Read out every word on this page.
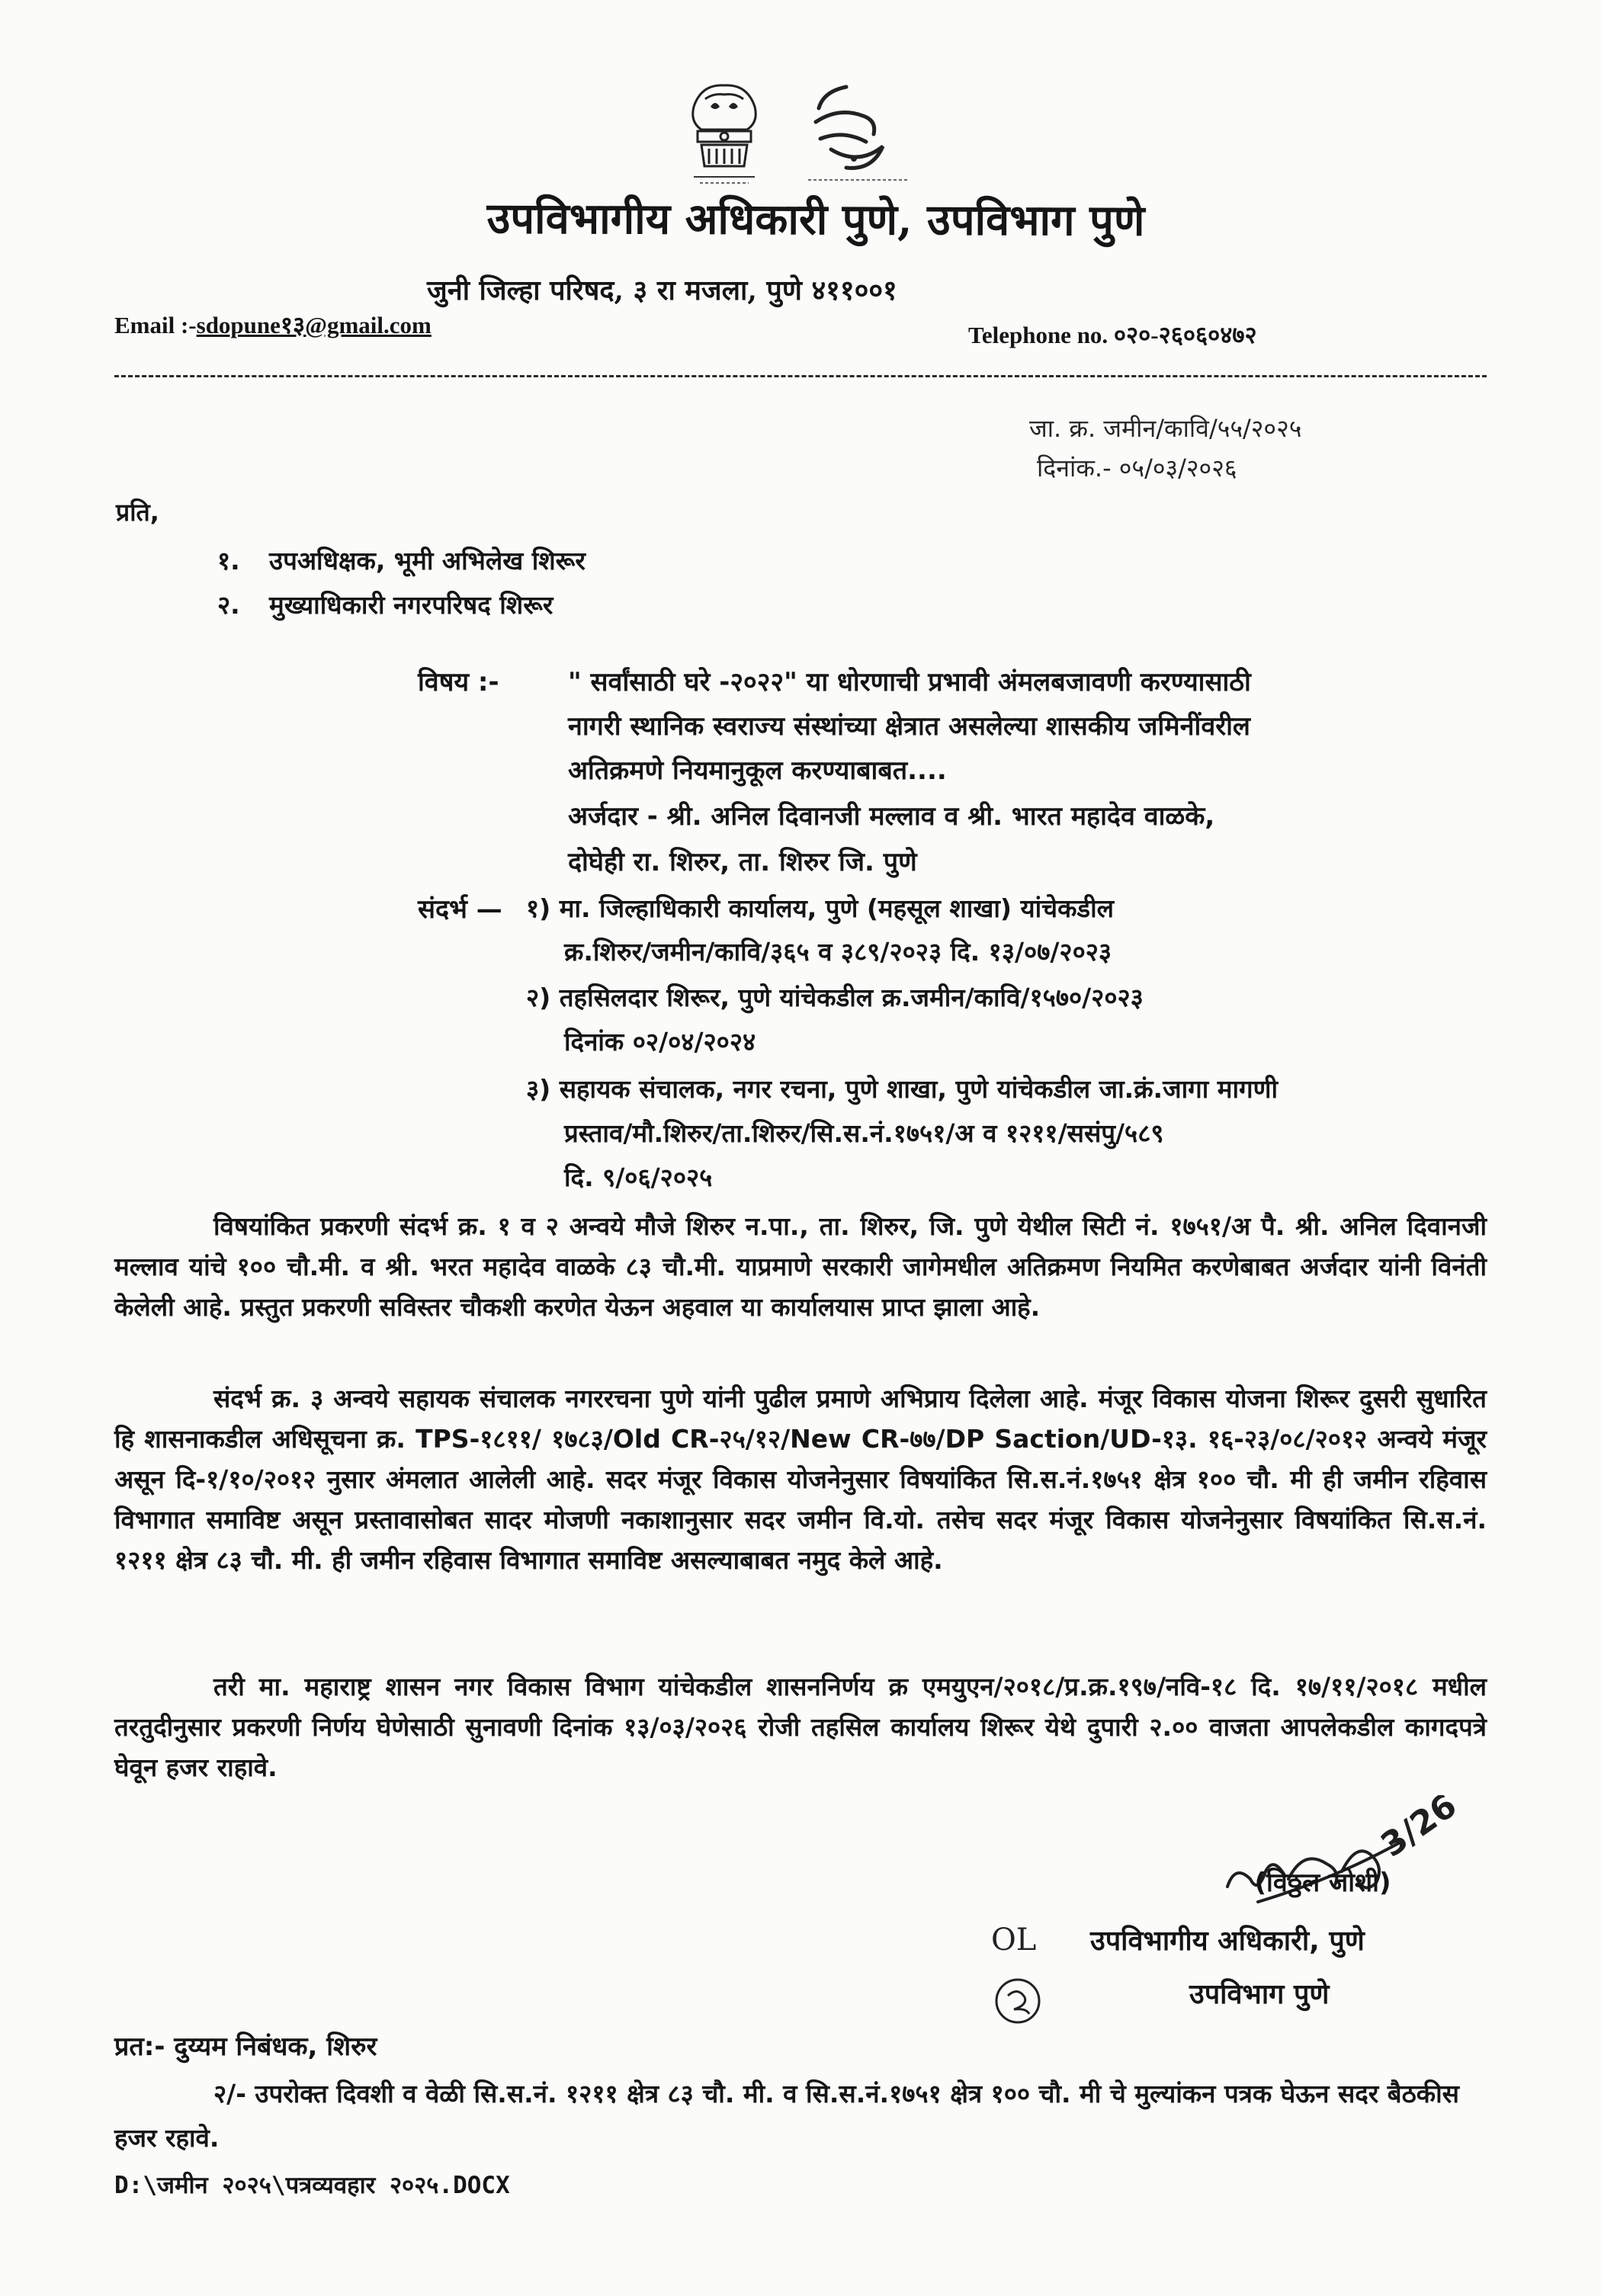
उपविभागीय अधिकारी पुणे, उपविभाग पुणे
जुनी जिल्हा परिषद, ३ रा मजला, पुणे ४११००१
Email :-sdopune१३@gmail.com	Telephone no. ०२०-२६०६०४७२
जा. क्र. जमीन/कावि/५५/२०२५
दिनांक.- ०५/०३/२०२६
प्रति,
१. उपअधिक्षक, भूमी अभिलेख शिरूर
२. मुख्याधिकारी नगरपरिषद शिरूर
विषय :-	" सर्वांसाठी घरे -२०२२" या धोरणाची प्रभावी अंमलबजावणी करण्यासाठी
नागरी स्थानिक स्वराज्य संस्थांच्या क्षेत्रात असलेल्या शासकीय जमिनींवरील
अतिक्रमणे नियमानुकूल करण्याबाबत....
अर्जदार - श्री. अनिल दिवानजी मल्लाव व श्री. भारत महादेव वाळके,
दोघेही रा. शिरुर, ता. शिरुर जि. पुणे
संदर्भ — १) मा. जिल्हाधिकारी कार्यालय, पुणे (महसूल शाखा) यांचेकडील
क्र.शिरुर/जमीन/कावि/३६५ व ३८९/२०२३ दि. १३/०७/२०२३
२) तहसिलदार शिरूर, पुणे यांचेकडील क्र.जमीन/कावि/१५७०/२०२३
दिनांक ०२/०४/२०२४
३) सहायक संचालक, नगर रचना, पुणे शाखा, पुणे यांचेकडील जा.क्रं.जागा मागणी
प्रस्ताव/मौ.शिरुर/ता.शिरुर/सि.स.नं.१७५१/अ व १२११/ससंपु/५८९
दि. ९/०६/२०२५
विषयांकित प्रकरणी संदर्भ क्र. १ व २ अन्वये मौजे शिरुर न.पा., ता. शिरुर, जि. पुणे येथील सिटी नं. १७५१/अ पै. श्री. अनिल दिवानजी मल्लाव यांचे १०० चौ.मी. व श्री. भरत महादेव वाळके ८३ चौ.मी. याप्रमाणे सरकारी जागेमधील अतिक्रमण नियमित करणेबाबत अर्जदार यांनी विनंती केलेली आहे. प्रस्तुत प्रकरणी सविस्तर चौकशी करणेत येऊन अहवाल या कार्यालयास प्राप्त झाला आहे.
संदर्भ क्र. ३ अन्वये सहायक संचालक नगररचना पुणे यांनी पुढील प्रमाणे अभिप्राय दिलेला आहे. मंजूर विकास योजना शिरूर दुसरी सुधारित हि शासनाकडील अधिसूचना क्र. TPS-१८११/ १७८३/Old CR-२५/१२/New CR-७७/DP Saction/UD-१३. १६-२३/०८/२०१२ अन्वये मंजूर असून दि-१/१०/२०१२ नुसार अंमलात आलेली आहे. सदर मंजूर विकास योजनेनुसार विषयांकित सि.स.नं.१७५१ क्षेत्र १०० चौ. मी ही जमीन रहिवास विभागात समाविष्ट असून प्रस्तावासोबत सादर मोजणी नकाशानुसार सदर जमीन वि.यो. तसेच सदर मंजूर विकास योजनेनुसार विषयांकित सि.स.नं. १२११ क्षेत्र ८३ चौ. मी. ही जमीन रहिवास विभागात समाविष्ट असल्याबाबत नमुद केले आहे.
तरी मा. महाराष्ट्र शासन नगर विकास विभाग यांचेकडील शासननिर्णय क्र एमयुएन/२०१८/प्र.क्र.१९७/नवि-१८ दि. १७/११/२०१८ मधील तरतुदीनुसार प्रकरणी निर्णय घेणेसाठी सुनावणी दिनांक १३/०३/२०२६ रोजी तहसिल कार्यालय शिरूर येथे दुपारी २.०० वाजता आपलेकडील कागदपत्रे घेवून हजर राहावे.
3/26
(विठ्ठल जोशी)
OL	उपविभागीय अधिकारी, पुणे
उपविभाग पुणे
प्रत:- दुय्यम निबंधक, शिरुर
२/- उपरोक्त दिवशी व वेळी सि.स.नं. १२११ क्षेत्र ८३ चौ. मी. व सि.स.नं.१७५१ क्षेत्र १०० चौ. मी चे मुल्यांकन पत्रक घेऊन सदर बैठकीस हजर रहावे.
D:\जमीन २०२५\पत्रव्यवहार २०२५.DOCX
